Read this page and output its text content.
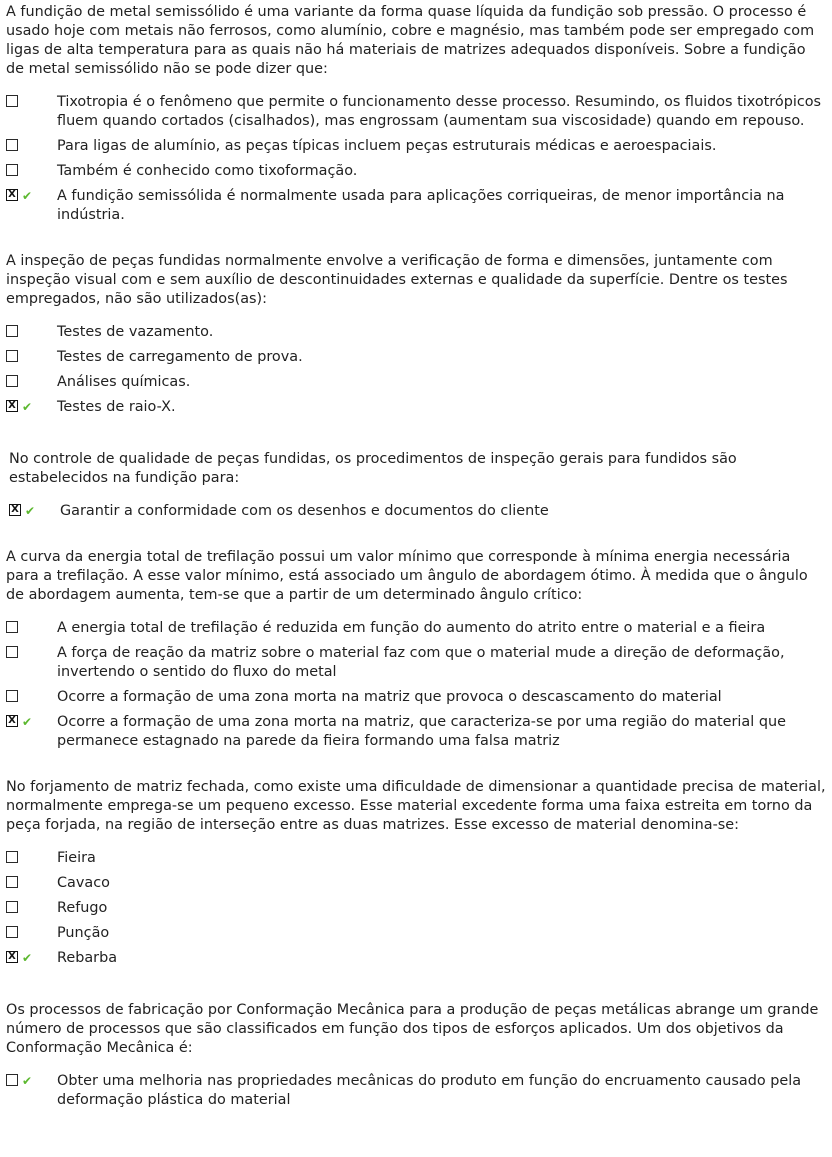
A fundição de metal semissólido é uma variante da forma quase líquida da fundição sob pressão. O processo é usado hoje com metais não ferrosos, como alumínio, cobre e magnésio, mas também pode ser empregado com ligas de alta temperatura para as quais não há materiais de matrizes adequados disponíveis. Sobre a fundição de metal semissólido não se pode dizer que:
Tixotropia é o fenômeno que permite o funcionamento desse processo. Resumindo, os fluidos tixotrópicos fluem quando cortados (cisalhados), mas engrossam (aumentam sua viscosidade) quando em repouso.
Para ligas de alumínio, as peças típicas incluem peças estruturais médicas e aeroespaciais.
Também é conhecido como tixoformação.
X ✔ A fundição semissólida é normalmente usada para aplicações corriqueiras, de menor importância na indústria.
A inspeção de peças fundidas normalmente envolve a verificação de forma e dimensões, juntamente com inspeção visual com e sem auxílio de descontinuidades externas e qualidade da superfície. Dentre os testes empregados, não são utilizados(as):
Testes de vazamento.
Testes de carregamento de prova.
Análises químicas.
X ✔ Testes de raio-X.
No controle de qualidade de peças fundidas, os procedimentos de inspeção gerais para fundidos são estabelecidos na fundição para:
X ✔ Garantir a conformidade com os desenhos e documentos do cliente
A curva da energia total de trefilação possui um valor mínimo que corresponde à mínima energia necessária para a trefilação. A esse valor mínimo, está associado um ângulo de abordagem ótimo. À medida que o ângulo de abordagem aumenta, tem-se que a partir de um determinado ângulo crítico:
A energia total de trefilação é reduzida em função do aumento do atrito entre o material e a fieira
A força de reação da matriz sobre o material faz com que o material mude a direção de deformação, invertendo o sentido do fluxo do metal
Ocorre a formação de uma zona morta na matriz que provoca o descascamento do material
X ✔ Ocorre a formação de uma zona morta na matriz, que caracteriza-se por uma região do material que permanece estagnado na parede da fieira formando uma falsa matriz
No forjamento de matriz fechada, como existe uma dificuldade de dimensionar a quantidade precisa de material, normalmente emprega-se um pequeno excesso. Esse material excedente forma uma faixa estreita em torno da peça forjada, na região de interseção entre as duas matrizes. Esse excesso de material denomina-se:
Fieira
Cavaco
Refugo
Punção
X ✔ Rebarba
Os processos de fabricação por Conformação Mecânica para a produção de peças metálicas abrange um grande número de processos que são classificados em função dos tipos de esforços aplicados. Um dos objetivos da Conformação Mecânica é:
✔ Obter uma melhoria nas propriedades mecânicas do produto em função do encruamento causado pela deformação plástica do material
